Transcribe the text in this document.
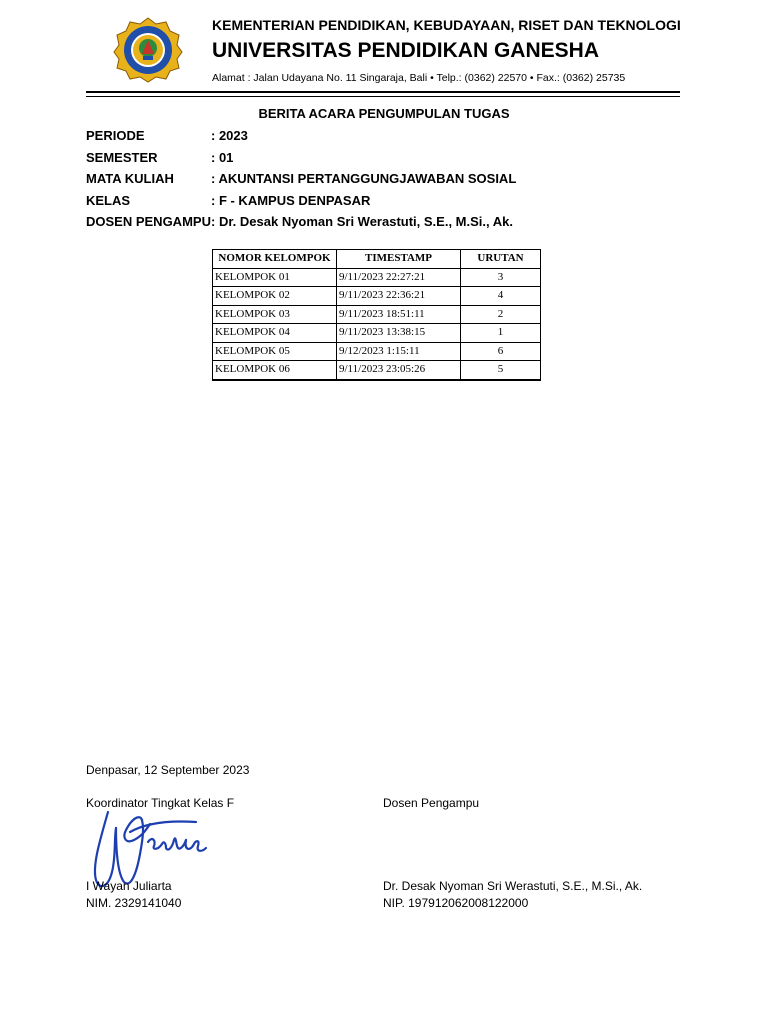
KEMENTERIAN PENDIDIKAN, KEBUDAYAAN, RISET DAN TEKNOLOGI
UNIVERSITAS PENDIDIKAN GANESHA
Alamat : Jalan Udayana No. 11 Singaraja, Bali • Telp.: (0362) 22570 • Fax.: (0362) 25735
BERITA ACARA PENGUMPULAN TUGAS
PERIODE	: 2023
SEMESTER	: 01
MATA KULIAH	: AKUNTANSI PERTANGGUNGJAWABAN SOSIAL
KELAS	: F - KAMPUS DENPASAR
DOSEN PENGAMPU : Dr. Desak Nyoman Sri Werastuti, S.E., M.Si., Ak.
NOMOR KELOMPOK	TIMESTAMP	URUTAN
KELOMPOK 01	9/11/2023 22:27:21	3
KELOMPOK 02	9/11/2023 22:36:21	4
KELOMPOK 03	9/11/2023 18:51:11	2
KELOMPOK 04	9/11/2023 13:38:15	1
KELOMPOK 05	9/12/2023 1:15:11	6
KELOMPOK 06	9/11/2023 23:05:26	5
Denpasar, 12 September 2023
Koordinator Tingkat Kelas F	Dosen Pengampu
I Wayan Juliarta
NIM. 2329141040
Dr. Desak Nyoman Sri Werastuti, S.E., M.Si., Ak.
NIP. 197912062008122000
